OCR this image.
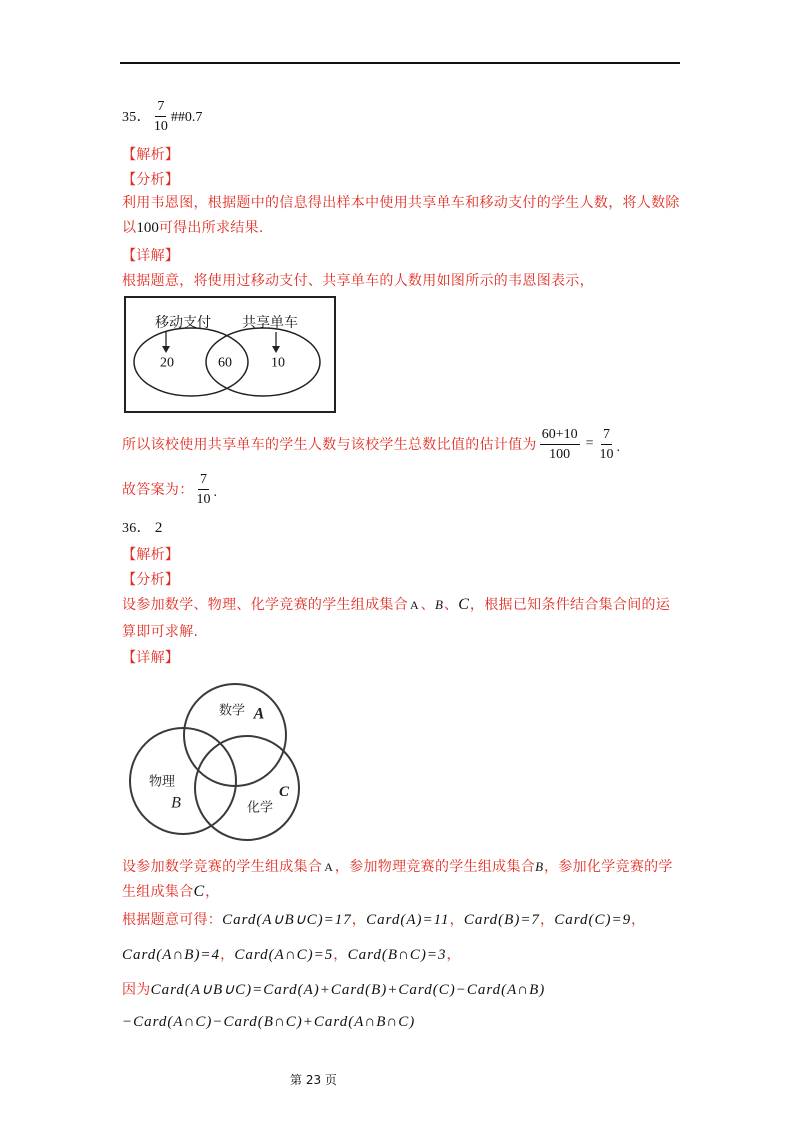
35． $\frac{7}{10}$ ##0.7
【解析】
【分析】
利用韦恩图，根据题中的信息得出样本中使用共享单车和移动支付的学生人数，将人数除
以100可得出所求结果.
【详解】
根据题意，将使用过移动支付、共享单车的人数用如图所示的韦恩图表示，
移动支付 共享单车
20	60	10
所以该校使用共享单车的学生人数与该校学生总数比值的估计值为 $\frac{60+10}{100} = \frac{7}{10}$ .
故答案为： $\frac{7}{10}$ .
36． 2
【解析】
【分析】
设参加数学、物理、化学竞赛的学生组成集合 A 、B、C，根据已知条件结合集合间的运
算即可求解.
【详解】
数学 A
物理
B	化学
C
设参加数学竞赛的学生组成集合 A ，参加物理竞赛的学生组成集合B，参加化学竞赛的学
生组成集合C，
根据题意可得：Card(A∪B∪C)=17，Card(A)=11，Card(B)=7，Card(C)=9，
Card(A∩B)=4，Card(A∩C)=5，Card(B∩C)=3，
因为Card(A∪B∪C)=Card(A)+Card(B)+Card(C)−Card(A∩B)
−Card(A∩C)−Card(B∩C)+Card(A∩B∩C)
第 23 页
